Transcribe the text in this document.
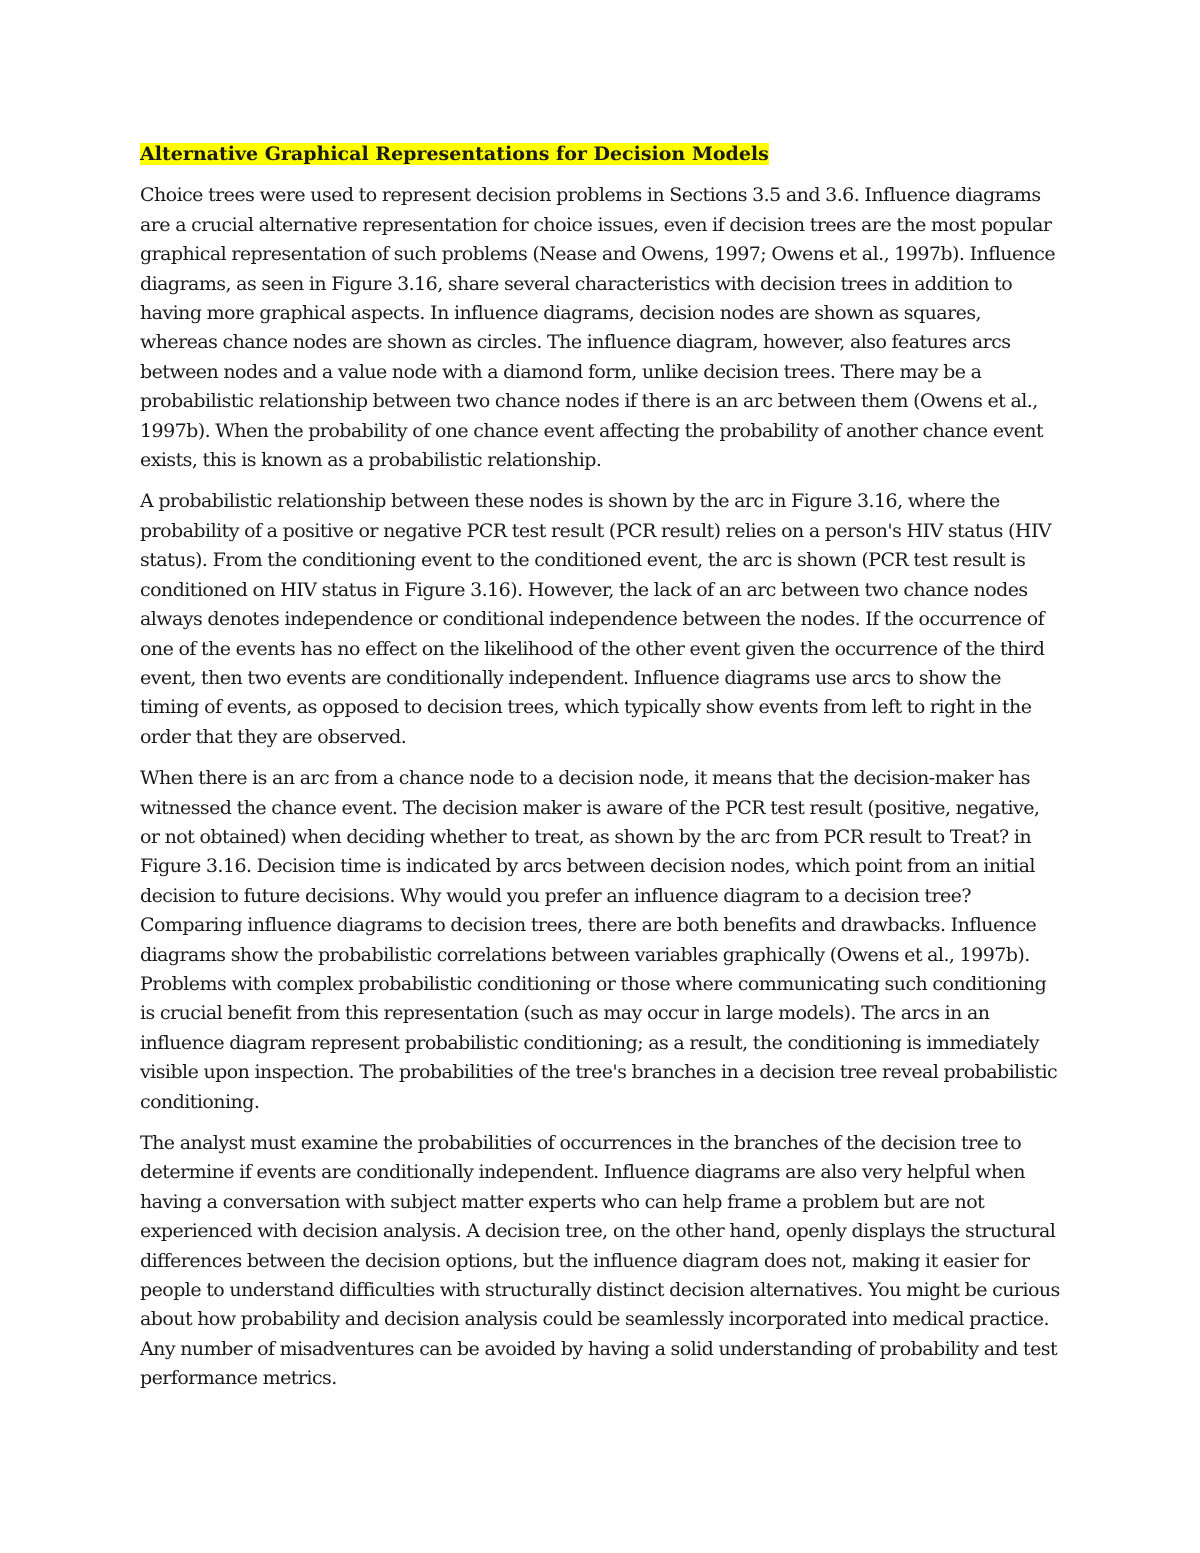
Alternative Graphical Representations for Decision Models

Choice trees were used to represent decision problems in Sections 3.5 and 3.6. Influence diagrams are a crucial alternative representation for choice issues, even if decision trees are the most popular graphical representation of such problems (Nease and Owens, 1997; Owens et al., 1997b). Influence diagrams, as seen in Figure 3.16, share several characteristics with decision trees in addition to having more graphical aspects. In influence diagrams, decision nodes are shown as squares, whereas chance nodes are shown as circles. The influence diagram, however, also features arcs between nodes and a value node with a diamond form, unlike decision trees. There may be a probabilistic relationship between two chance nodes if there is an arc between them (Owens et al., 1997b). When the probability of one chance event affecting the probability of another chance event exists, this is known as a probabilistic relationship.

A probabilistic relationship between these nodes is shown by the arc in Figure 3.16, where the probability of a positive or negative PCR test result (PCR result) relies on a person's HIV status (HIV status). From the conditioning event to the conditioned event, the arc is shown (PCR test result is conditioned on HIV status in Figure 3.16). However, the lack of an arc between two chance nodes always denotes independence or conditional independence between the nodes. If the occurrence of one of the events has no effect on the likelihood of the other event given the occurrence of the third event, then two events are conditionally independent. Influence diagrams use arcs to show the timing of events, as opposed to decision trees, which typically show events from left to right in the order that they are observed.

When there is an arc from a chance node to a decision node, it means that the decision-maker has witnessed the chance event. The decision maker is aware of the PCR test result (positive, negative, or not obtained) when deciding whether to treat, as shown by the arc from PCR result to Treat? in Figure 3.16. Decision time is indicated by arcs between decision nodes, which point from an initial decision to future decisions. Why would you prefer an influence diagram to a decision tree? Comparing influence diagrams to decision trees, there are both benefits and drawbacks. Influence diagrams show the probabilistic correlations between variables graphically (Owens et al., 1997b). Problems with complex probabilistic conditioning or those where communicating such conditioning is crucial benefit from this representation (such as may occur in large models). The arcs in an influence diagram represent probabilistic conditioning; as a result, the conditioning is immediately visible upon inspection. The probabilities of the tree's branches in a decision tree reveal probabilistic conditioning.

The analyst must examine the probabilities of occurrences in the branches of the decision tree to determine if events are conditionally independent. Influence diagrams are also very helpful when having a conversation with subject matter experts who can help frame a problem but are not experienced with decision analysis. A decision tree, on the other hand, openly displays the structural differences between the decision options, but the influence diagram does not, making it easier for people to understand difficulties with structurally distinct decision alternatives. You might be curious about how probability and decision analysis could be seamlessly incorporated into medical practice. Any number of misadventures can be avoided by having a solid understanding of probability and test performance metrics.
